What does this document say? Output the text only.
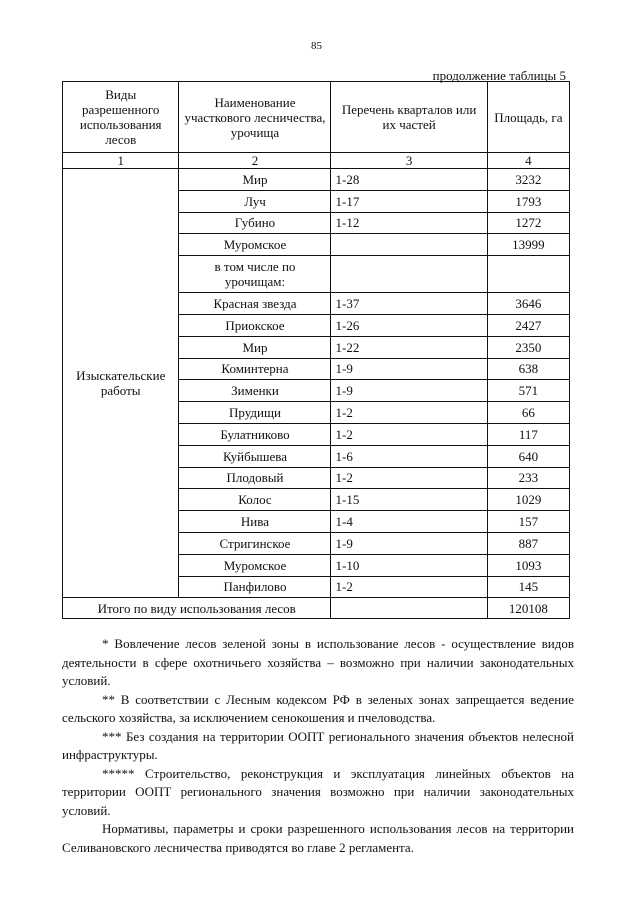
85
продолжение таблицы 5
Виды разрешенного использования лесов	Наименование участкового лесничества, урочища	Перечень кварталов или их частей	Площадь, га
1	2	3	4
Изыскательские работы	Мир	1-28	3232
	Луч	1-17	1793
	Губино	1-12	1272
	Муромское		13999
	в том числе по урочищам:		
	Красная звезда	1-37	3646
	Приокское	1-26	2427
	Мир	1-22	2350
	Коминтерна	1-9	638
	Зименки	1-9	571
	Прудищи	1-2	66
	Булатниково	1-2	117
	Куйбышева	1-6	640
	Плодовый	1-2	233
	Колос	1-15	1029
	Нива	1-4	157
	Стригинское	1-9	887
	Муромское	1-10	1093
	Панфилово	1-2	145
Итого по виду использования лесов			120108

* Вовлечение лесов зеленой зоны в использование лесов - осуществление видов деятельности в сфере охотничьего хозяйства – возможно при наличии законодательных условий.

** В соответствии с Лесным кодексом РФ в зеленых зонах запрещается ведение сельского хозяйства, за исключением сенокошения и пчеловодства.

*** Без создания на территории ООПТ регионального значения объектов нелесной инфраструктуры.

***** Строительство, реконструкция и эксплуатация линейных объектов на территории ООПТ регионального значения возможно при наличии законодательных условий.

Нормативы, параметры и сроки разрешенного использования лесов на территории Селивановского лесничества приводятся во главе 2 регламента.
